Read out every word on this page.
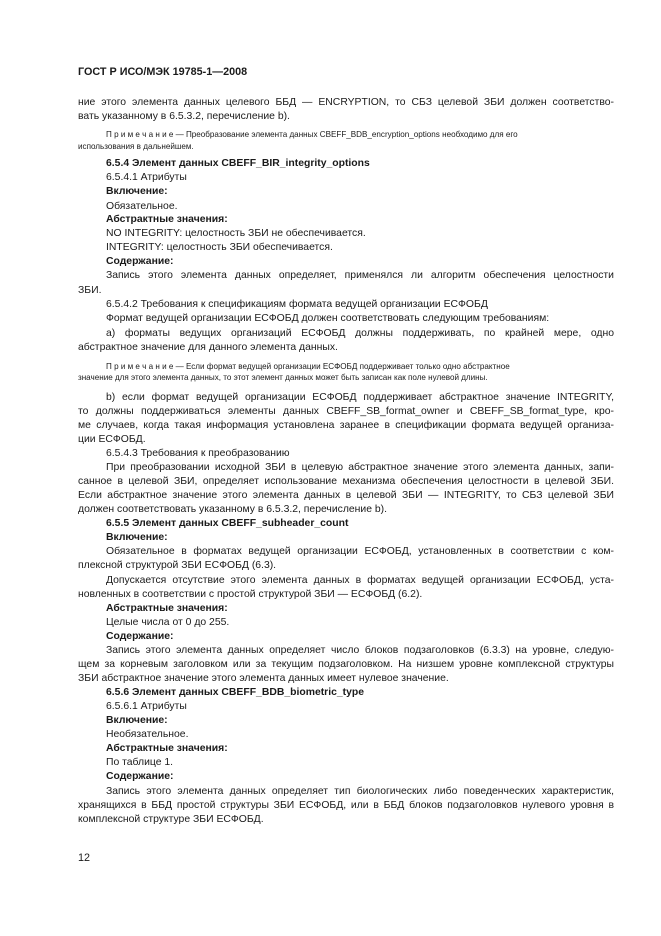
ГОСТ Р ИСО/МЭК 19785-1—2008
ние этого элемента данных целевого ББД — ENCRYPTION, то СБЗ целевой ЗБИ должен соответство-
вать указанному в 6.5.3.2, перечисление b).
П р и м е ч а н и е — Преобразование элемента данных CBEFF_BDB_encryption_options необходимо для его
использования в дальнейшем.
6.5.4 Элемент данных CBEFF_BIR_integrity_options
6.5.4.1 Атрибуты
Включение:
Обязательное.
Абстрактные значения:
NO INTEGRITY: целостность ЗБИ не обеспечивается.
INTEGRITY: целостность ЗБИ обеспечивается.
Содержание:
Запись этого элемента данных определяет, применялся ли алгоритм обеспечения целостности
ЗБИ.
6.5.4.2 Требования к спецификациям формата ведущей организации ЕСФОБД
Формат ведущей организации ЕСФОБД должен соответствовать следующим требованиям:
а) форматы ведущих организаций ЕСФОБД должны поддерживать, по крайней мере, одно
абстрактное значение для данного элемента данных.
П р и м е ч а н и е — Если формат ведущей организации ЕСФОБД поддерживает только одно абстрактное
значение для этого элемента данных, то этот элемент данных может быть записан как поле нулевой длины.
b) если формат ведущей организации ЕСФОБД поддерживает абстрактное значение INTEGRITY,
то должны поддерживаться элементы данных CBEFF_SB_format_owner и CBEFF_SB_format_type, кро-
ме случаев, когда такая информация установлена заранее в спецификации формата ведущей организа-
ции ЕСФОБД.
6.5.4.3 Требования к преобразованию
При преобразовании исходной ЗБИ в целевую абстрактное значение этого элемента данных, запи-
санное в целевой ЗБИ, определяет использование механизма обеспечения целостности в целевой ЗБИ.
Если абстрактное значение этого элемента данных в целевой ЗБИ — INTEGRITY, то СБЗ целевой ЗБИ
должен соответствовать указанному в 6.5.3.2, перечисление b).
6.5.5 Элемент данных CBEFF_subheader_count
Включение:
Обязательное в форматах ведущей организации ЕСФОБД, установленных в соответствии с ком-
плексной структурой ЗБИ ЕСФОБД (6.3).
Допускается отсутствие этого элемента данных в форматах ведущей организации ЕСФОБД, уста-
новленных в соответствии с простой структурой ЗБИ — ЕСФОБД (6.2).
Абстрактные значения:
Целые числа от 0 до 255.
Содержание:
Запись этого элемента данных определяет число блоков подзаголовков (6.3.3) на уровне, следую-
щем за корневым заголовком или за текущим подзаголовком. На низшем уровне комплексной структуры
ЗБИ абстрактное значение этого элемента данных имеет нулевое значение.
6.5.6 Элемент данных CBEFF_BDB_biometric_type
6.5.6.1 Атрибуты
Включение:
Необязательное.
Абстрактные значения:
По таблице 1.
Содержание:
Запись этого элемента данных определяет тип биологических либо поведенческих характеристик,
хранящихся в ББД простой структуры ЗБИ ЕСФОБД, или в ББД блоков подзаголовков нулевого уровня в
комплексной структуре ЗБИ ЕСФОБД.
12
